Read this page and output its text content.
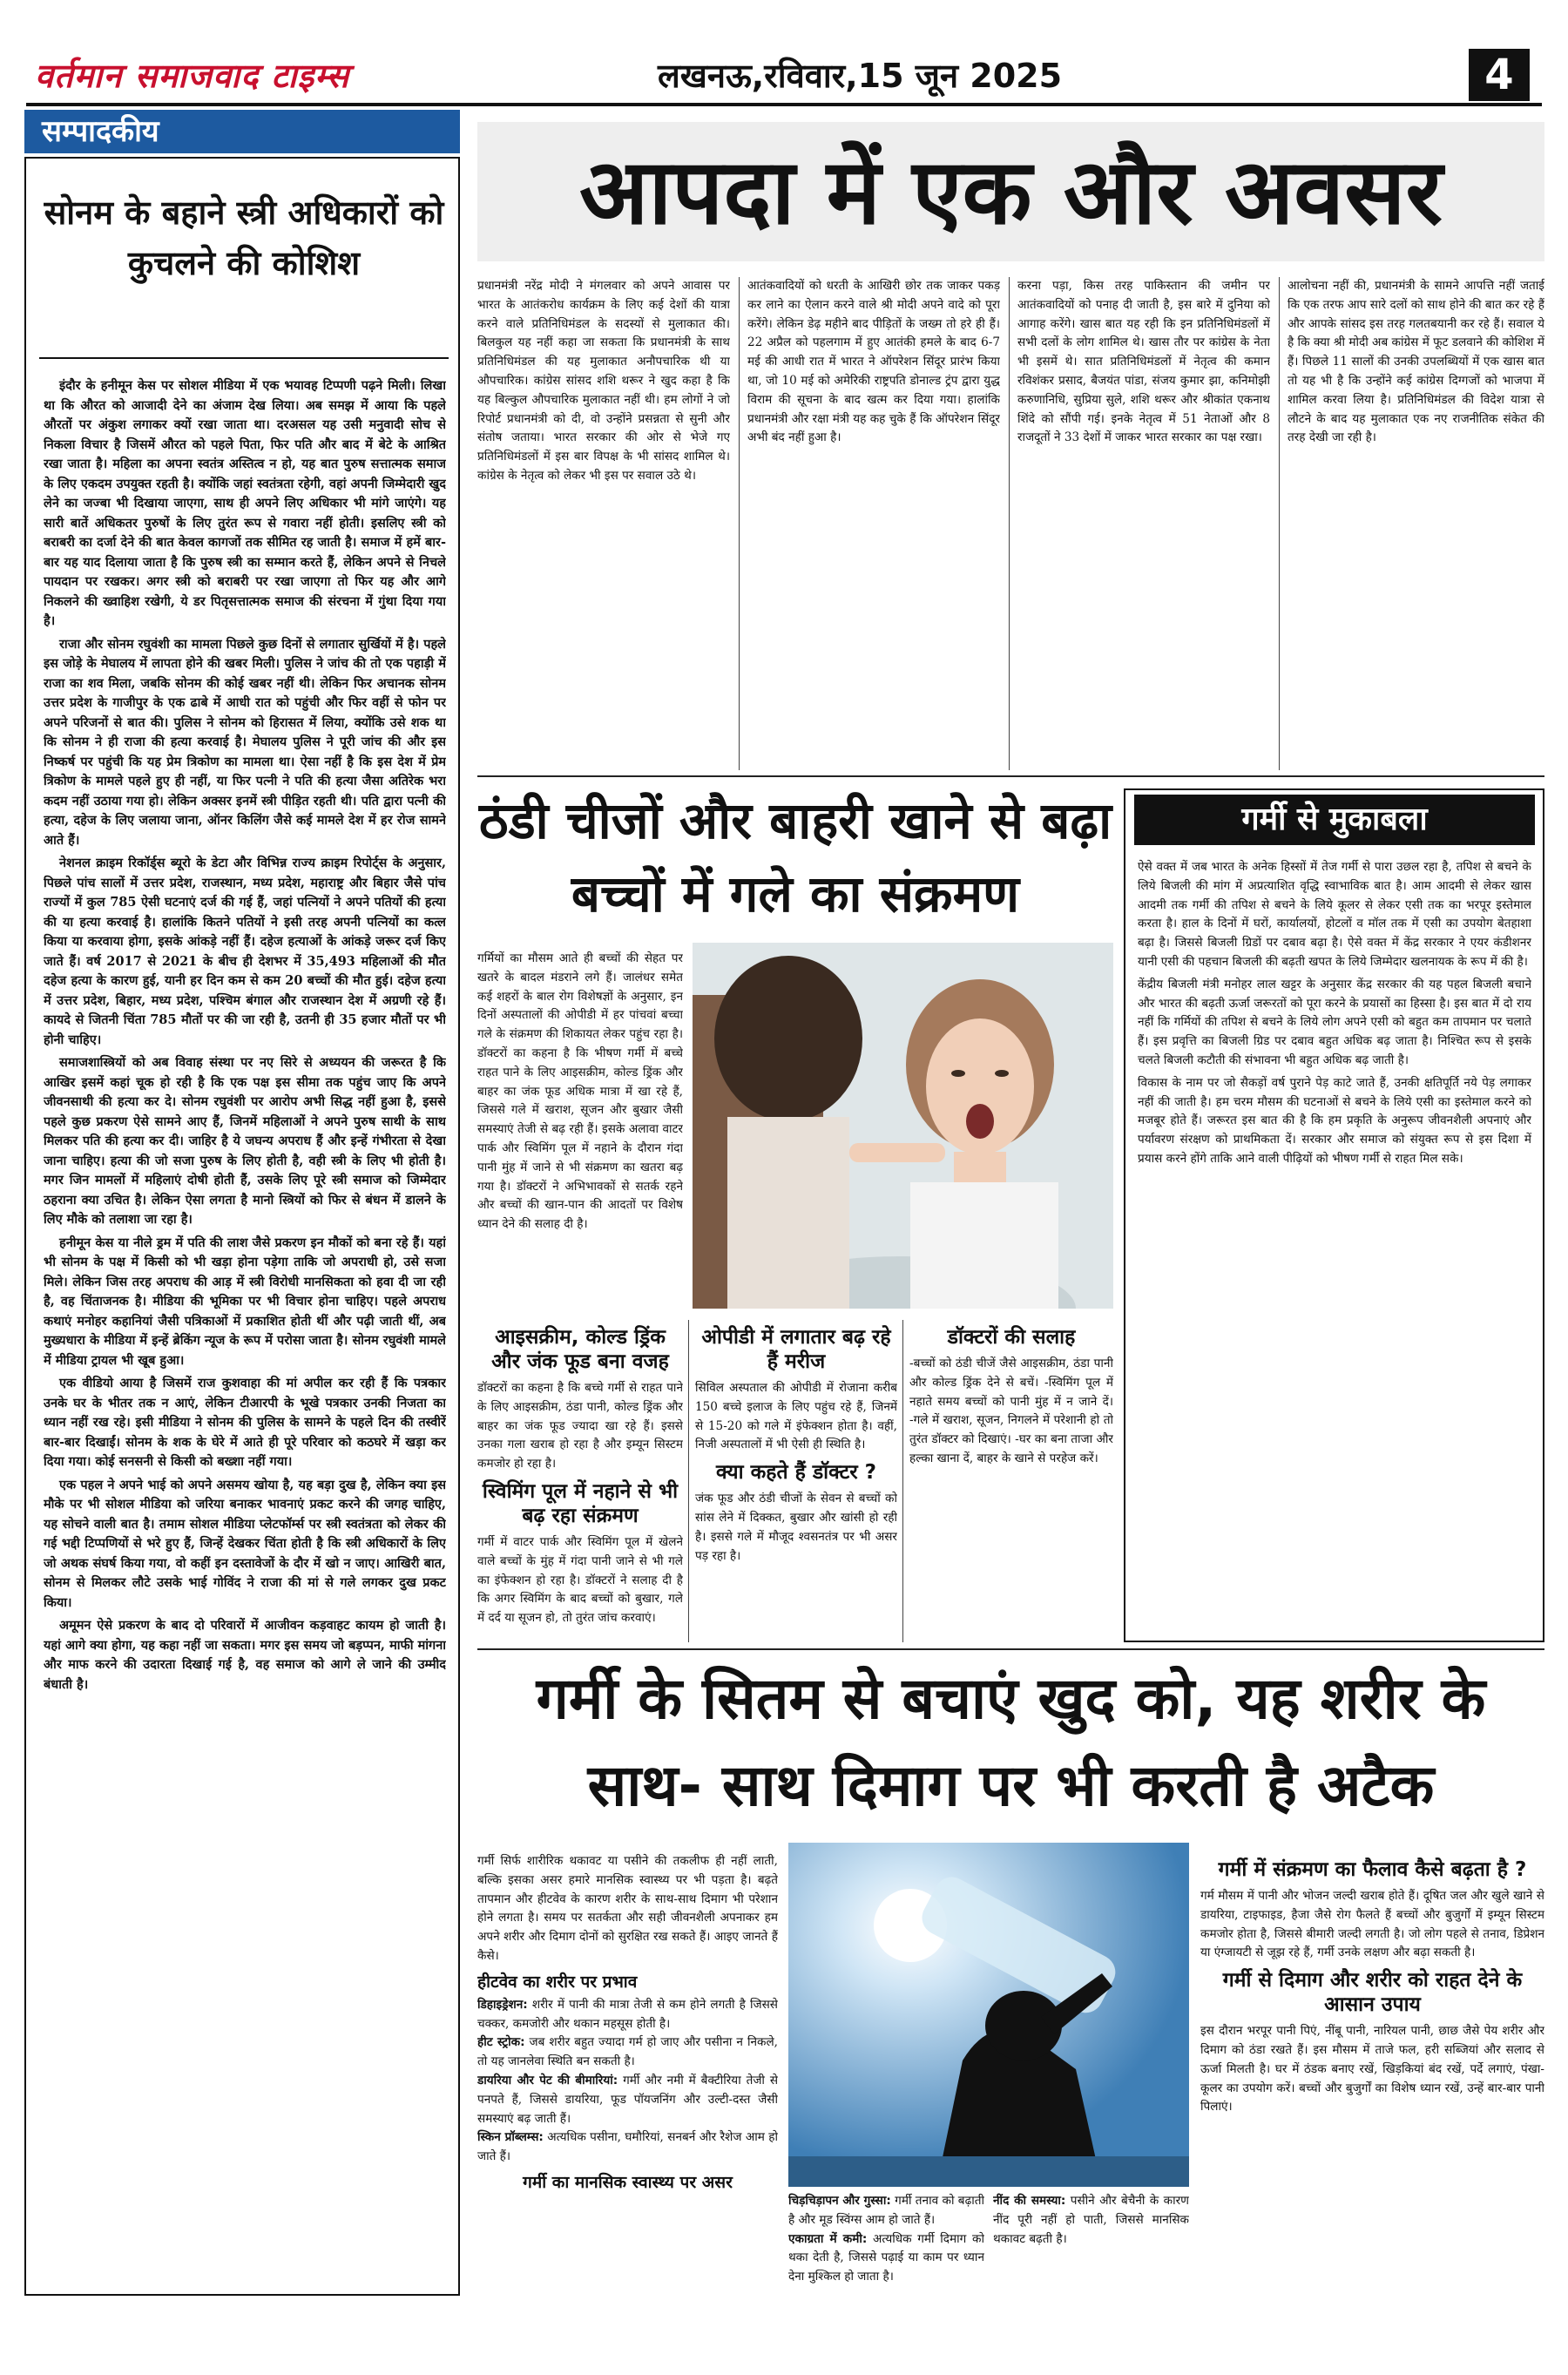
वर्तमान समाजवाद टाइम्स	लखनऊ,रविवार,15 जून 2025	4
सम्पादकीय
सोनम के बहाने स्त्री अधिकारों को कुचलने की कोशिश

इंदौर के हनीमून केस पर सोशल मीडिया में एक भयावह टिप्पणी पढ़ने मिली। लिखा था कि औरत को आजादी देने का अंजाम देख लिया। अब समझ में आया कि पहले औरतों पर अंकुश लगाकर क्यों रखा जाता था। दरअसल यह उसी मनुवादी सोच से निकला विचार है जिसमें औरत को पहले पिता, फिर पति और बाद में बेटे के आश्रित रखा जाता है। महिला का अपना स्वतंत्र अस्तित्व न हो, यह बात पुरुष सत्तात्मक समाज के लिए एकदम उपयुक्त रहती है। क्योंकि जहां स्वतंत्रता रहेगी, वहां अपनी जिम्मेदारी खुद लेने का जज्बा भी दिखाया जाएगा, साथ ही अपने लिए अधिकार भी मांगे जाएंगे। यह सारी बातें अधिकतर पुरुषों के लिए तुरंत रूप से गवारा नहीं होती। इसलिए स्त्री को बराबरी का दर्जा देने की बात केवल कागजों तक सीमित रह जाती है। समाज में हमें बार-बार यह याद दिलाया जाता है कि पुरुष स्त्री का सम्मान करते हैं, लेकिन अपने से निचले पायदान पर रखकर। अगर स्त्री को बराबरी पर रखा जाएगा तो फिर यह और आगे निकलने की ख्वाहिश रखेगी, ये डर पितृसत्तात्मक समाज की संरचना में गुंथा दिया गया है।

राजा और सोनम रघुवंशी का मामला पिछले कुछ दिनों से लगातार सुर्खियों में है। पहले इस जोड़े के मेघालय में लापता होने की खबर मिली। पुलिस ने जांच की तो एक पहाड़ी में राजा का शव मिला, जबकि सोनम की कोई खबर नहीं थी। लेकिन फिर अचानक सोनम उत्तर प्रदेश के गाजीपुर के एक ढाबे में आधी रात को पहुंची और फिर वहीं से फोन पर अपने परिजनों से बात की। पुलिस ने सोनम को हिरासत में लिया, क्योंकि उसे शक था कि सोनम ने ही राजा की हत्या करवाई है। मेघालय पुलिस ने पूरी जांच की और इस निष्कर्ष पर पहुंची कि यह प्रेम त्रिकोण का मामला था। ऐसा नहीं है कि इस देश में प्रेम त्रिकोण के मामले पहले हुए ही नहीं, या फिर पत्नी ने पति की हत्या जैसा अतिरेक भरा कदम नहीं उठाया गया हो। लेकिन अक्सर इनमें स्त्री पीड़ित रहती थी। पति द्वारा पत्नी की हत्या, दहेज के लिए जलाया जाना, ऑनर किलिंग जैसे कई मामले देश में हर रोज सामने आते हैं।

नेशनल क्राइम रिकॉर्ड्स ब्यूरो के डेटा और विभिन्न राज्य क्राइम रिपोर्ट्स के अनुसार, पिछले पांच सालों में उत्तर प्रदेश, राजस्थान, मध्य प्रदेश, महाराष्ट्र और बिहार जैसे पांच राज्यों में कुल 785 ऐसी घटनाएं दर्ज की गई हैं, जहां पत्नियों ने अपने पतियों की हत्या की या हत्या करवाई है। हालांकि कितने पतियों ने इसी तरह अपनी पत्नियों का कत्ल किया या करवाया होगा, इसके आंकड़े नहीं हैं। दहेज हत्याओं के आंकड़े जरूर दर्ज किए जाते हैं। वर्ष 2017 से 2021 के बीच ही देशभर में 35,493 महिलाओं की मौत दहेज हत्या के कारण हुई, यानी हर दिन कम से कम 20 बच्चों की मौत हुई। दहेज हत्या में उत्तर प्रदेश, बिहार, मध्य प्रदेश, पश्चिम बंगाल और राजस्थान देश में अग्रणी रहे हैं। कायदे से जितनी चिंता 785 मौतों पर की जा रही है, उतनी ही 35 हजार मौतों पर भी होनी चाहिए।

समाजशास्त्रियों को अब विवाह संस्था पर नए सिरे से अध्ययन की जरूरत है कि आखिर इसमें कहां चूक हो रही है कि एक पक्ष इस सीमा तक पहुंच जाए कि अपने जीवनसाथी की हत्या कर दे। सोनम रघुवंशी पर आरोप अभी सिद्ध नहीं हुआ है, इससे पहले कुछ प्रकरण ऐसे सामने आए हैं, जिनमें महिलाओं ने अपने पुरुष साथी के साथ मिलकर पति की हत्या कर दी। जाहिर है ये जघन्य अपराध हैं और इन्हें गंभीरता से देखा जाना चाहिए। हत्या की जो सजा पुरुष के लिए होती है, वही स्त्री के लिए भी होती है। मगर जिन मामलों में महिलाएं दोषी होती हैं, उसके लिए पूरे स्त्री समाज को जिम्मेदार ठहराना क्या उचित है। लेकिन ऐसा लगता है मानो स्त्रियों को फिर से बंधन में डालने के लिए मौके को तलाशा जा रहा है।

हनीमून केस या नीले ड्रम में पति की लाश जैसे प्रकरण इन मौकों को बना रहे हैं। यहां भी सोनम के पक्ष में किसी को भी खड़ा होना पड़ेगा ताकि जो अपराधी हो, उसे सजा मिले। लेकिन जिस तरह अपराध की आड़ में स्त्री विरोधी मानसिकता को हवा दी जा रही है, वह चिंताजनक है। मीडिया की भूमिका पर भी विचार होना चाहिए। पहले अपराध कथाएं मनोहर कहानियां जैसी पत्रिकाओं में प्रकाशित होती थीं और पढ़ी जाती थीं, अब मुख्यधारा के मीडिया में इन्हें ब्रेकिंग न्यूज के रूप में परोसा जाता है। सोनम रघुवंशी मामले में मीडिया ट्रायल भी खूब हुआ।

एक वीडियो आया है जिसमें राज कुशवाहा की मां अपील कर रही हैं कि पत्रकार उनके घर के भीतर तक न आएं, लेकिन टीआरपी के भूखे पत्रकार उनकी निजता का ध्यान नहीं रख रहे। इसी मीडिया ने सोनम की पुलिस के सामने के पहले दिन की तस्वीरें बार-बार दिखाईं। सोनम के शक के घेरे में आते ही पूरे परिवार को कठघरे में खड़ा कर दिया गया। कोई सनसनी से किसी को बख्शा नहीं गया।

एक पहल ने अपने भाई को अपने असमय खोया है, यह बड़ा दुख है, लेकिन क्या इस मौके पर भी सोशल मीडिया को जरिया बनाकर भावनाएं प्रकट करने की जगह चाहिए, यह सोचने वाली बात है। तमाम सोशल मीडिया प्लेटफॉर्म्स पर स्त्री स्वतंत्रता को लेकर की गई भद्दी टिप्पणियों से भरे हुए हैं, जिन्हें देखकर चिंता होती है कि स्त्री अधिकारों के लिए जो अथक संघर्ष किया गया, वो कहीं इन दस्तावेजों के दौर में खो न जाए। आखिरी बात, सोनम से मिलकर लौटे उसके भाई गोविंद ने राजा की मां से गले लगकर दुख प्रकट किया।

अमूमन ऐसे प्रकरण के बाद दो परिवारों में आजीवन कड़वाहट कायम हो जाती है। यहां आगे क्या होगा, यह कहा नहीं जा सकता। मगर इस समय जो बड़प्पन, माफी मांगना और माफ करने की उदारता दिखाई गई है, वह समाज को आगे ले जाने की उम्मीद बंधाती है।

आपदा में एक और अवसर

प्रधानमंत्री नरेंद्र मोदी ने मंगलवार को अपने आवास पर भारत के आतंकरोध कार्यक्रम के लिए कई देशों की यात्रा करने वाले प्रतिनिधिमंडल के सदस्यों से मुलाकात की। बिलकुल यह नहीं कहा जा सकता कि प्रधानमंत्री के साथ प्रतिनिधिमंडल की यह मुलाकात अनौपचारिक थी या औपचारिक। कांग्रेस सांसद शशि थरूर ने खुद कहा है कि यह बिल्कुल औपचारिक मुलाकात नहीं थी। हम लोगों ने जो रिपोर्ट प्रधानमंत्री को दी, वो उन्होंने प्रसन्नता से सुनी और संतोष जताया। भारत सरकार की ओर से भेजे गए प्रतिनिधिमंडलों में इस बार विपक्ष के भी सांसद शामिल थे। कांग्रेस के नेतृत्व को लेकर भी इस पर सवाल उठे थे।

आतंकवादियों को धरती के आखिरी छोर तक जाकर पकड़ कर लाने का ऐलान करने वाले श्री मोदी अपने वादे को पूरा करेंगे। लेकिन डेढ़ महीने बाद पीड़ितों के जख्म तो हरे ही हैं। 22 अप्रैल को पहलगाम में हुए आतंकी हमले के बाद 6-7 मई की आधी रात में भारत ने ऑपरेशन सिंदूर प्रारंभ किया था, जो 10 मई को अमेरिकी राष्ट्रपति डोनाल्ड ट्रंप द्वारा युद्ध विराम की सूचना के बाद खत्म कर दिया गया। हालांकि प्रधानमंत्री और रक्षा मंत्री यह कह चुके हैं कि ऑपरेशन सिंदूर अभी बंद नहीं हुआ है।

करना पड़ा, किस तरह पाकिस्तान की जमीन पर आतंकवादियों को पनाह दी जाती है, इस बारे में दुनिया को आगाह करेंगे। खास बात यह रही कि इन प्रतिनिधिमंडलों में सभी दलों के लोग शामिल थे। खास तौर पर कांग्रेस के नेता भी इसमें थे। सात प्रतिनिधिमंडलों में नेतृत्व की कमान रविशंकर प्रसाद, बैजयंत पांडा, संजय कुमार झा, कनिमोझी करुणानिधि, सुप्रिया सुले, शशि थरूर और श्रीकांत एकनाथ शिंदे को सौंपी गई। इनके नेतृत्व में 51 नेताओं और 8 राजदूतों ने 33 देशों में जाकर भारत सरकार का पक्ष रखा।

आलोचना नहीं की, प्रधानमंत्री के सामने आपत्ति नहीं जताई कि एक तरफ आप सारे दलों को साथ होने की बात कर रहे हैं और आपके सांसद इस तरह गलतबयानी कर रहे हैं। सवाल ये है कि क्या श्री मोदी अब कांग्रेस में फूट डलवाने की कोशिश में हैं। पिछले 11 सालों की उनकी उपलब्धियों में एक खास बात तो यह भी है कि उन्होंने कई कांग्रेस दिग्गजों को भाजपा में शामिल करवा लिया है। प्रतिनिधिमंडल की विदेश यात्रा से लौटने के बाद यह मुलाकात एक नए राजनीतिक संकेत की तरह देखी जा रही है।

ठंडी चीजों और बाहरी खाने से बढ़ा बच्चों में गले का संक्रमण

गर्मियों का मौसम आते ही बच्चों की सेहत पर खतरे के बादल मंडराने लगे हैं। जालंधर समेत कई शहरों के बाल रोग विशेषज्ञों के अनुसार, इन दिनों अस्पतालों की ओपीडी में हर पांचवां बच्चा गले के संक्रमण की शिकायत लेकर पहुंच रहा है। डॉक्टरों का कहना है कि भीषण गर्मी में बच्चे राहत पाने के लिए आइसक्रीम, कोल्ड ड्रिंक और बाहर का जंक फूड अधिक मात्रा में खा रहे हैं, जिससे गले में खराश, सूजन और बुखार जैसी समस्याएं तेजी से बढ़ रही हैं। इसके अलावा वाटर पार्क और स्विमिंग पूल में नहाने के दौरान गंदा पानी मुंह में जाने से भी संक्रमण का खतरा बढ़ गया है। डॉक्टरों ने अभिभावकों से सतर्क रहने और बच्चों की खान-पान की आदतों पर विशेष ध्यान देने की सलाह दी है।

आइसक्रीम, कोल्ड ड्रिंक और जंक फूड बना वजह

डॉक्टरों का कहना है कि बच्चे गर्मी से राहत पाने के लिए आइसक्रीम, ठंडा पानी, कोल्ड ड्रिंक और बाहर का जंक फूड ज्यादा खा रहे हैं। इससे उनका गला खराब हो रहा है और इम्यून सिस्टम कमजोर हो रहा है।

स्विमिंग पूल में नहाने से भी बढ़ रहा संक्रमण

गर्मी में वाटर पार्क और स्विमिंग पूल में खेलने वाले बच्चों के मुंह में गंदा पानी जाने से भी गले का इंफेक्शन हो रहा है। डॉक्टरों ने सलाह दी है कि अगर स्विमिंग के बाद बच्चों को बुखार, गले में दर्द या सूजन हो, तो तुरंत जांच करवाएं।

ओपीडी में लगातार बढ़ रहे हैं मरीज

सिविल अस्पताल की ओपीडी में रोजाना करीब 150 बच्चे इलाज के लिए पहुंच रहे हैं, जिनमें से 15-20 को गले में इंफेक्शन होता है। वहीं, निजी अस्पतालों में भी ऐसी ही स्थिति है।

क्या कहते हैं डॉक्टर ?

जंक फूड और ठंडी चीजों के सेवन से बच्चों को सांस लेने में दिक्कत, बुखार और खांसी हो रही है। इससे गले में मौजूद श्वसनतंत्र पर भी असर पड़ रहा है।

डॉक्टरों की सलाह

-बच्चों को ठंडी चीजें जैसे आइसक्रीम, ठंडा पानी और कोल्ड ड्रिंक देने से बचें। -स्विमिंग पूल में नहाते समय बच्चों को पानी मुंह में न जाने दें। -गले में खराश, सूजन, निगलने में परेशानी हो तो तुरंत डॉक्टर को दिखाएं। -घर का बना ताजा और हल्का खाना दें, बाहर के खाने से परहेज करें।

गर्मी से मुकाबला

ऐसे वक्त में जब भारत के अनेक हिस्सों में तेज गर्मी से पारा उछल रहा है, तपिश से बचने के लिये बिजली की मांग में अप्रत्याशित वृद्धि स्वाभाविक बात है। आम आदमी से लेकर खास आदमी तक गर्मी की तपिश से बचने के लिये कूलर से लेकर एसी तक का भरपूर इस्तेमाल करता है। हाल के दिनों में घरों, कार्यालयों, होटलों व मॉल तक में एसी का उपयोग बेतहाशा बढ़ा है। जिससे बिजली ग्रिडों पर दबाव बढ़ा है। ऐसे वक्त में केंद्र सरकार ने एयर कंडीशनर यानी एसी की पहचान बिजली की बढ़ती खपत के लिये जिम्मेदार खलनायक के रूप में की है।

केंद्रीय बिजली मंत्री मनोहर लाल खट्टर के अनुसार केंद्र सरकार की यह पहल बिजली बचाने और भारत की बढ़ती ऊर्जा जरूरतों को पूरा करने के प्रयासों का हिस्सा है। इस बात में दो राय नहीं कि गर्मियों की तपिश से बचने के लिये लोग अपने एसी को बहुत कम तापमान पर चलाते हैं। इस प्रवृत्ति का बिजली ग्रिड पर दबाव बहुत अधिक बढ़ जाता है। निश्चित रूप से इसके चलते बिजली कटौती की संभावना भी बहुत अधिक बढ़ जाती है।

विकास के नाम पर जो सैकड़ों वर्ष पुराने पेड़ काटे जाते हैं, उनकी क्षतिपूर्ति नये पेड़ लगाकर नहीं की जाती है। हम चरम मौसम की घटनाओं से बचने के लिये एसी का इस्तेमाल करने को मजबूर होते हैं। जरूरत इस बात की है कि हम प्रकृति के अनुरूप जीवनशैली अपनाएं और पर्यावरण संरक्षण को प्राथमिकता दें। सरकार और समाज को संयुक्त रूप से इस दिशा में प्रयास करने होंगे ताकि आने वाली पीढ़ियों को भीषण गर्मी से राहत मिल सके।

गर्मी के सितम से बचाएं खुद को, यह शरीर के साथ- साथ दिमाग पर भी करती है अटैक

गर्मी सिर्फ शारीरिक थकावट या पसीने की तकलीफ ही नहीं लाती, बल्कि इसका असर हमारे मानसिक स्वास्थ्य पर भी पड़ता है। बढ़ते तापमान और हीटवेव के कारण शरीर के साथ-साथ दिमाग भी परेशान होने लगता है। समय पर सतर्कता और सही जीवनशैली अपनाकर हम अपने शरीर और दिमाग दोनों को सुरक्षित रख सकते हैं। आइए जानते हैं कैसे।

हीटवेव का शरीर पर प्रभाव

डिहाइड्रेशन: शरीर में पानी की मात्रा तेजी से कम होने लगती है जिससे चक्कर, कमजोरी और थकान महसूस होती है।

हीट स्ट्रोक: जब शरीर बहुत ज्यादा गर्म हो जाए और पसीना न निकले, तो यह जानलेवा स्थिति बन सकती है।

डायरिया और पेट की बीमारियां: गर्मी और नमी में बैक्टीरिया तेजी से पनपते हैं, जिससे डायरिया, फूड पॉयजनिंग और उल्टी-दस्त जैसी समस्याएं बढ़ जाती हैं।

स्किन प्रॉब्लम्स: अत्यधिक पसीना, घमौरियां, सनबर्न और रैशेज आम हो जाते हैं।

गर्मी का मानसिक स्वास्थ्य पर असर

चिड़चिड़ापन और गुस्सा: गर्मी तनाव को बढ़ाती है और मूड स्विंग्स आम हो जाते हैं।

एकाग्रता में कमी: अत्यधिक गर्मी दिमाग को थका देती है, जिससे पढ़ाई या काम पर ध्यान देना मुश्किल हो जाता है।

नींद की समस्या: पसीने और बेचैनी के कारण नींद पूरी नहीं हो पाती, जिससे मानसिक थकावट बढ़ती है।

गर्मी में संक्रमण का फैलाव कैसे बढ़ता है ?

गर्म मौसम में पानी और भोजन जल्दी खराब होते हैं। दूषित जल और खुले खाने से डायरिया, टाइफाइड, हैजा जैसे रोग फैलते हैं बच्चों और बुजुर्गों में इम्यून सिस्टम कमजोर होता है, जिससे बीमारी जल्दी लगती है। जो लोग पहले से तनाव, डिप्रेशन या एंग्जायटी से जूझ रहे हैं, गर्मी उनके लक्षण और बढ़ा सकती है।

गर्मी से दिमाग और शरीर को राहत देने के आसान उपाय

इस दौरान भरपूर पानी पिएं, नींबू पानी, नारियल पानी, छाछ जैसे पेय शरीर और दिमाग को ठंडा रखते हैं। इस मौसम में ताजे फल, हरी सब्जियां और सलाद से ऊर्जा मिलती है। घर में ठंडक बनाए रखें, खिड़कियां बंद रखें, पर्दे लगाएं, पंखा-कूलर का उपयोग करें। बच्चों और बुजुर्गों का विशेष ध्यान रखें, उन्हें बार-बार पानी पिलाएं।
